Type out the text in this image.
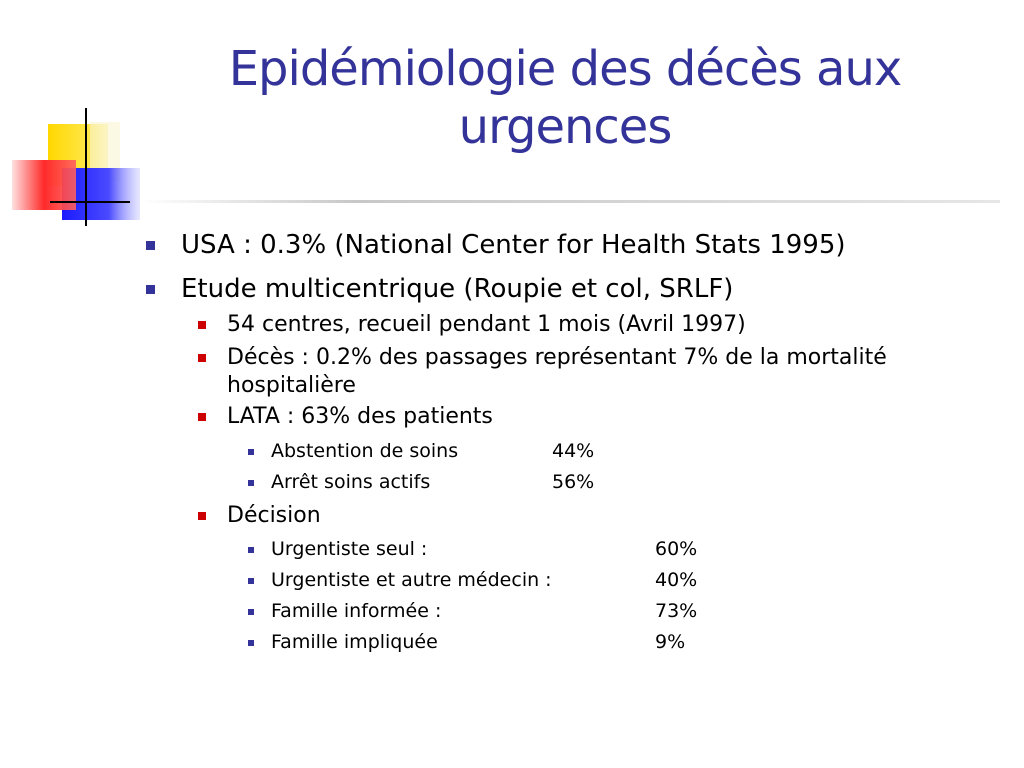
Epidémiologie des décès aux urgences
USA : 0.3% (National Center for Health Stats 1995)
Etude multicentrique (Roupie et col, SRLF)
54 centres, recueil pendant 1 mois (Avril 1997)
Décès : 0.2% des passages représentant 7% de la mortalité
hospitalière
LATA : 63% des patients
Abstention de soins	44%
Arrêt soins actifs	56%
Décision
Urgentiste seul :	60%
Urgentiste et autre médecin :	40%
Famille informée :	73%
Famille impliquée	9%
